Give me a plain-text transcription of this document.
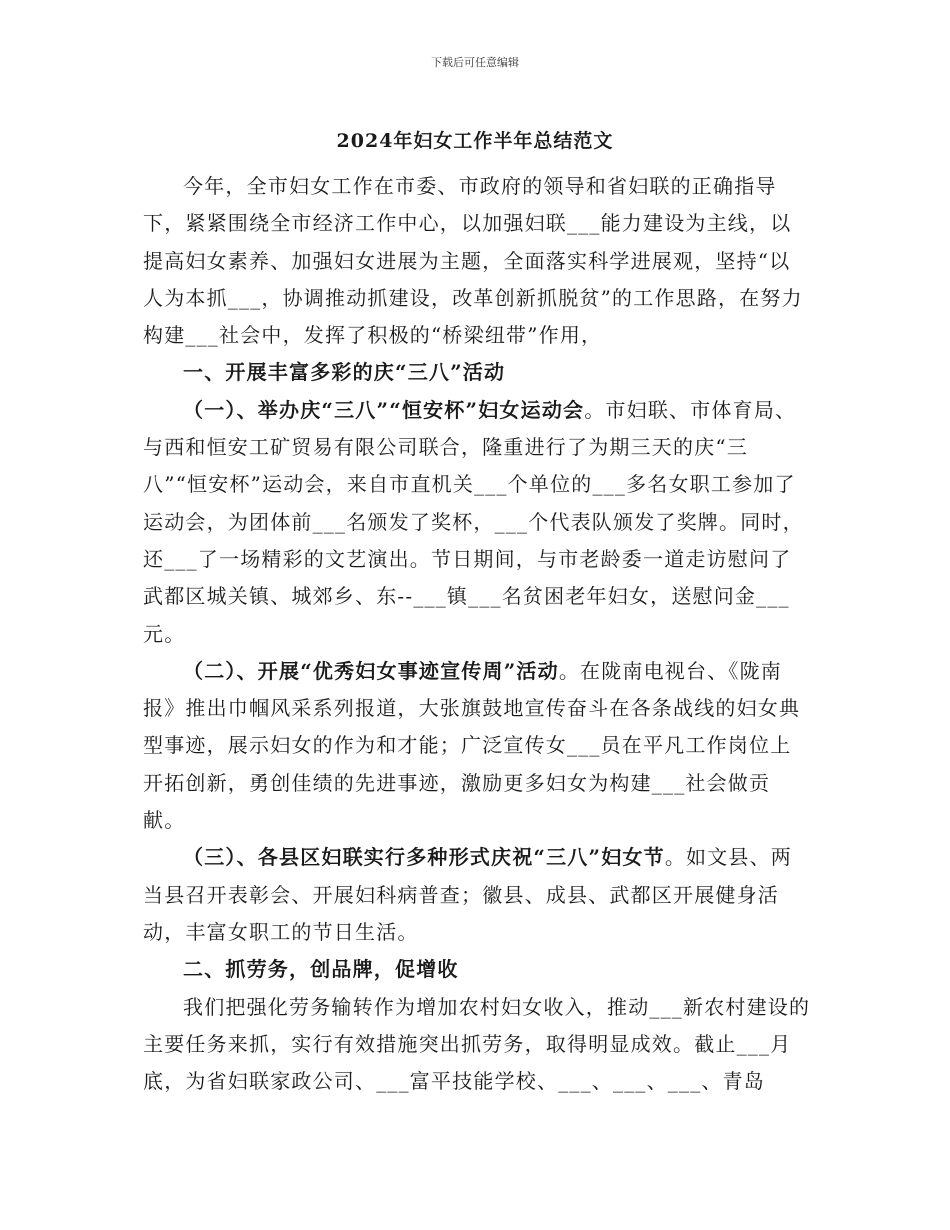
下载后可任意编辑
2024年妇女工作半年总结范文

今年，全市妇女工作在市委、市政府的领导和省妇联的正确指导下，紧紧围绕全市经济工作中心，以加强妇联___能力建设为主线，以提高妇女素养、加强妇女进展为主题，全面落实科学进展观，坚持“以人为本抓___，协调推动抓建设，改革创新抓脱贫”的工作思路，在努力构建___社会中，发挥了积极的“桥梁纽带”作用，

一、开展丰富多彩的庆“三八”活动

（一）、举办庆“三八”“恒安杯”妇女运动会。市妇联、市体育局、与西和恒安工矿贸易有限公司联合，隆重进行了为期三天的庆“三八”“恒安杯”运动会，来自市直机关___个单位的___多名女职工参加了运动会，为团体前___名颁发了奖杯，___个代表队颁发了奖牌。同时，还___了一场精彩的文艺演出。节日期间，与市老龄委一道走访慰问了武都区城关镇、城郊乡、东--___镇___名贫困老年妇女，送慰问金___元。

（二）、开展“优秀妇女事迹宣传周”活动。在陇南电视台、《陇南报》推出巾帼风采系列报道，大张旗鼓地宣传奋斗在各条战线的妇女典型事迹，展示妇女的作为和才能；广泛宣传女___员在平凡工作岗位上开拓创新，勇创佳绩的先进事迹，激励更多妇女为构建___社会做贡献。

（三）、各县区妇联实行多种形式庆祝“三八”妇女节。如文县、两当县召开表彰会、开展妇科病普查；徽县、成县、武都区开展健身活动，丰富女职工的节日生活。

二、抓劳务，创品牌，促增收

我们把强化劳务输转作为增加农村妇女收入，推动___新农村建设的主要任务来抓，实行有效措施突出抓劳务，取得明显成效。截止___月底，为省妇联家政公司、___富平技能学校、___、___、___、青岛
